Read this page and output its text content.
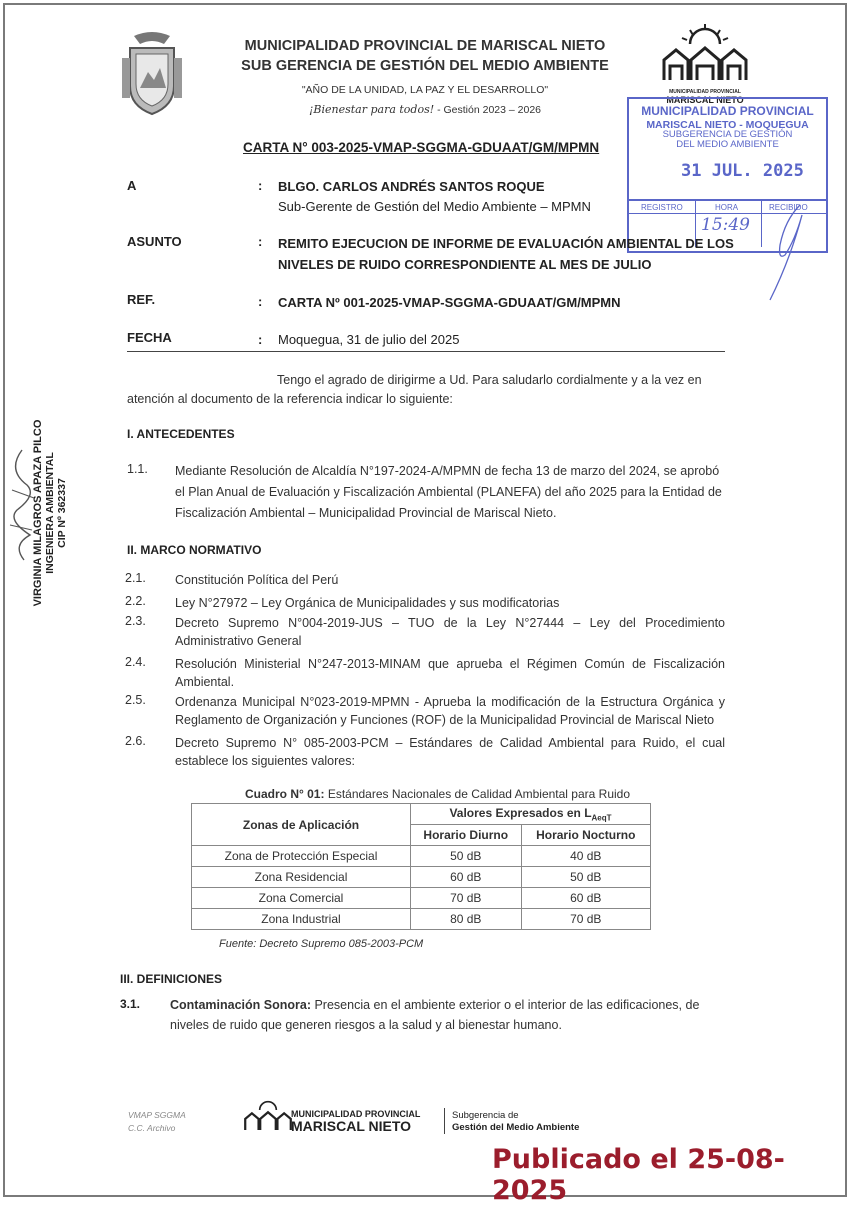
MUNICIPALIDAD PROVINCIAL DE MARISCAL NIETO
SUB GERENCIA DE GESTIÓN DEL MEDIO AMBIENTE
"AÑO DE LA UNIDAD, LA PAZ Y EL DESARROLLO"
¡Bienestar para todos! - Gestión 2023 – 2026
MUNICIPALIDAD PROVINCIAL
MARISCAL NIETO
MUNICIPALIDAD PROVINCIAL
MARISCAL NIETO - MOQUEGUA
SUBGERENCIA DE GESTIÓN
DEL MEDIO AMBIENTE
31 JUL. 2025
REGISTRO	HORA	RECIBIDO
15:49
CARTA N° 003-2025-VMAP-SGGMA-GDUAAT/GM/MPMN
A	: BLGO. CARLOS ANDRÉS SANTOS ROQUE
Sub-Gerente de Gestión del Medio Ambiente – MPMN
ASUNTO	: REMITO EJECUCION DE INFORME DE EVALUACIÓN AMBIENTAL DE LOS
NIVELES DE RUIDO CORRESPONDIENTE AL MES DE JULIO
REF.	: CARTA Nº 001-2025-VMAP-SGGMA-GDUAAT/GM/MPMN
FECHA	: Moquegua, 31 de julio del 2025
Tengo el agrado de dirigirme a Ud. Para saludarlo cordialmente y a la vez en
atención al documento de la referencia indicar lo siguiente:
I. ANTECEDENTES
1.1. Mediante Resolución de Alcaldía N°197-2024-A/MPMN de fecha 13 de marzo del 2024, se aprobó
el Plan Anual de Evaluación y Fiscalización Ambiental (PLANEFA) del año 2025 para la Entidad de
Fiscalización Ambiental – Municipalidad Provincial de Mariscal Nieto.
II. MARCO NORMATIVO
2.1. Constitución Política del Perú
2.2. Ley N°27972 – Ley Orgánica de Municipalidades y sus modificatorias
2.3. Decreto Supremo N°004-2019-JUS – TUO de la Ley N°27444 – Ley del Procedimiento
Administrativo General
2.4. Resolución Ministerial N°247-2013-MINAM que aprueba el Régimen Común de Fiscalización
Ambiental.
2.5. Ordenanza Municipal N°023-2019-MPMN - Aprueba la modificación de la Estructura Orgánica y
Reglamento de Organización y Funciones (ROF) de la Municipalidad Provincial de Mariscal Nieto
2.6. Decreto Supremo N° 085-2003-PCM – Estándares de Calidad Ambiental para Ruido, el cual
establece los siguientes valores:
Cuadro N° 01: Estándares Nacionales de Calidad Ambiental para Ruido
Zonas de Aplicación	Valores Expresados en $L_{AeqT}$
	Horario Diurno	Horario Nocturno
Zona de Protección Especial	50 dB	40 dB
Zona Residencial	60 dB	50 dB
Zona Comercial	70 dB	60 dB
Zona Industrial	80 dB	70 dB
Fuente: Decreto Supremo 085-2003-PCM
III. DEFINICIONES
3.1. Contaminación Sonora: Presencia en el ambiente exterior o el interior de las edificaciones, de
niveles de ruido que generen riesgos a la salud y al bienestar humano.
VIRGINIA MILAGROS APAZA PILCO INGENIERA AMBIENTAL CIP Nº 362337
VMAP SGGMA
C.C. Archivo
MUNICIPALIDAD PROVINCIAL
MARISCAL NIETO
Subgerencia de
Gestión del Medio Ambiente
Publicado el 25-08-2025
